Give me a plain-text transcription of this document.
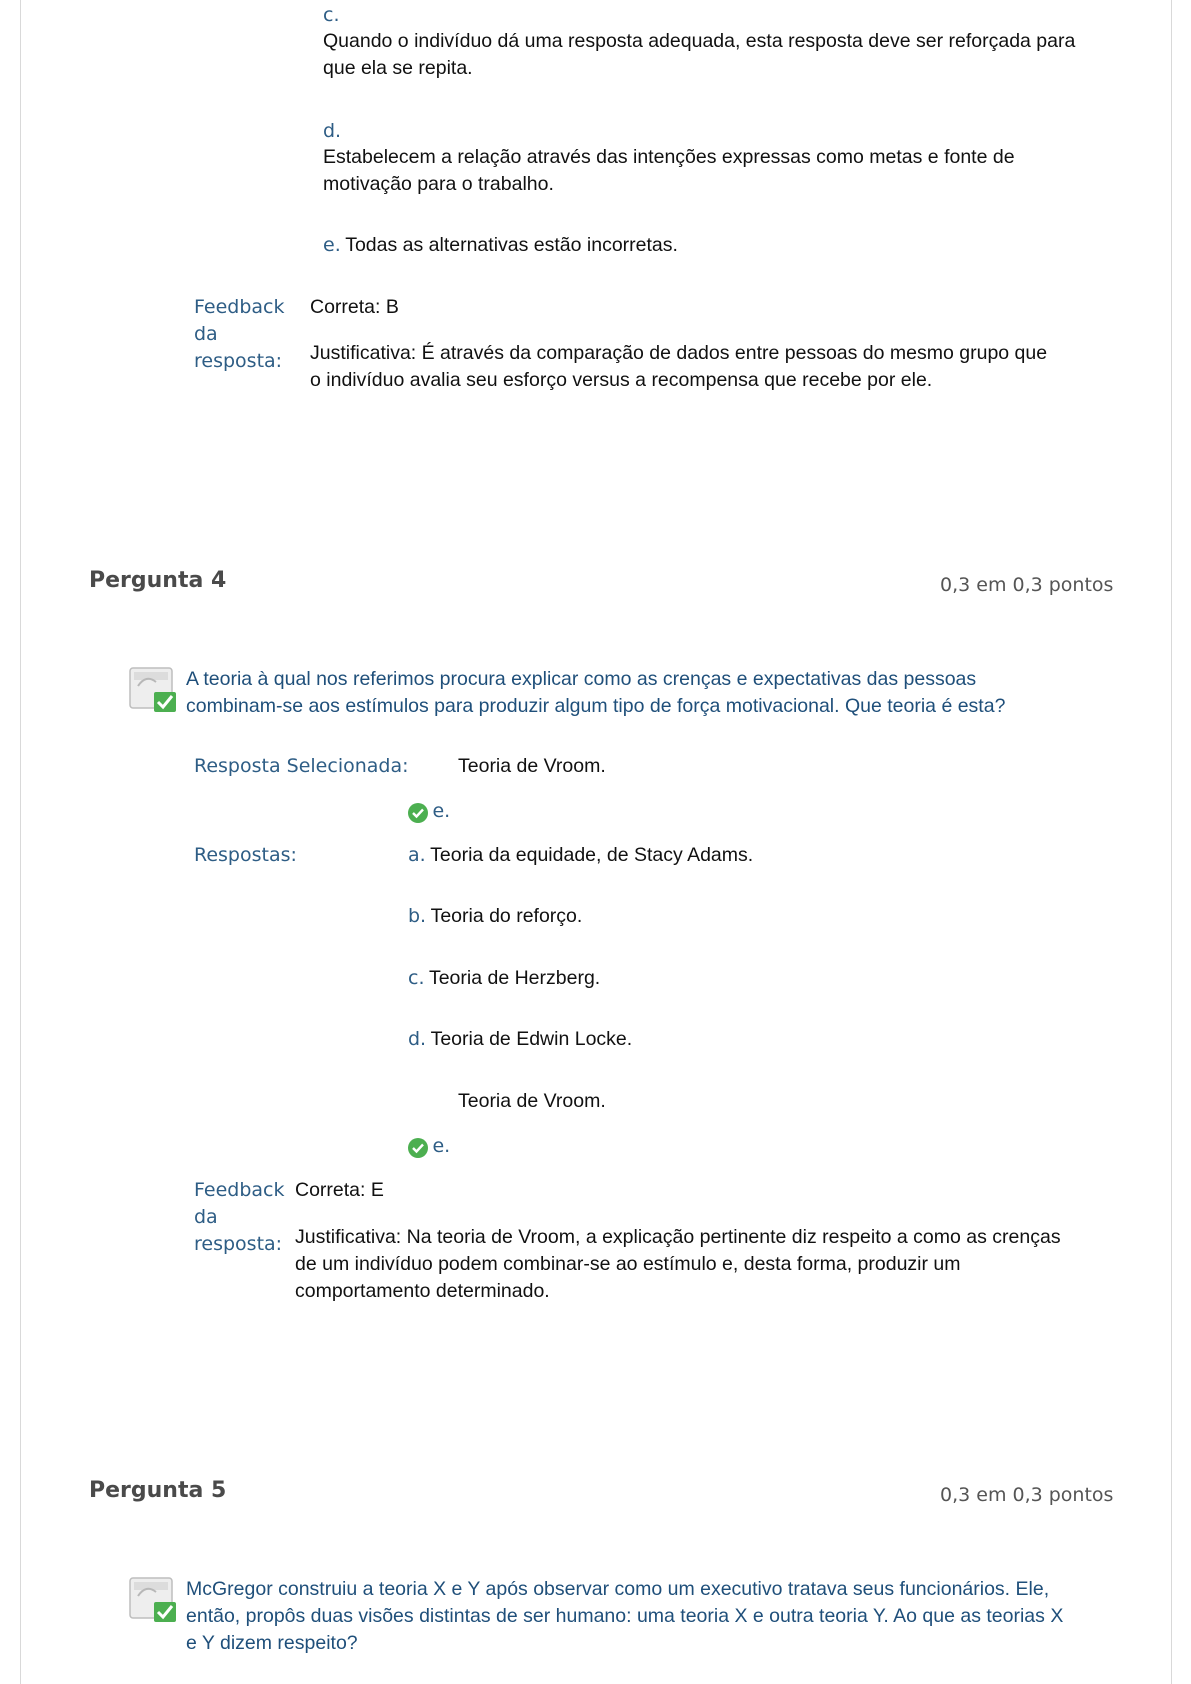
c.
Quando o indivíduo dá uma resposta adequada, esta resposta deve ser reforçada para que ela se repita.
d.
Estabelecem a relação através das intenções expressas como metas e fonte de motivação para o trabalho.
e. Todas as alternativas estão incorretas.
Feedback
da
resposta:
Correta: B
Justificativa: É através da comparação de dados entre pessoas do mesmo grupo que o indivíduo avalia seu esforço versus a recompensa que recebe por ele.
Pergunta 4	0,3 em 0,3 pontos
A teoria à qual nos referimos procura explicar como as crenças e expectativas das pessoas combinam-se aos estímulos para produzir algum tipo de força motivacional. Que teoria é esta?
Resposta Selecionada:	Teoria de Vroom.
e.
Respostas:	a. Teoria da equidade, de Stacy Adams.
b. Teoria do reforço.
c. Teoria de Herzberg.
d. Teoria de Edwin Locke.
Teoria de Vroom.
e.
Feedback
da
resposta:
Correta: E
Justificativa: Na teoria de Vroom, a explicação pertinente diz respeito a como as crenças de um indivíduo podem combinar-se ao estímulo e, desta forma, produzir um comportamento determinado.
Pergunta 5	0,3 em 0,3 pontos
McGregor construiu a teoria X e Y após observar como um executivo tratava seus funcionários. Ele, então, propôs duas visões distintas de ser humano: uma teoria X e outra teoria Y. Ao que as teorias X e Y dizem respeito?
